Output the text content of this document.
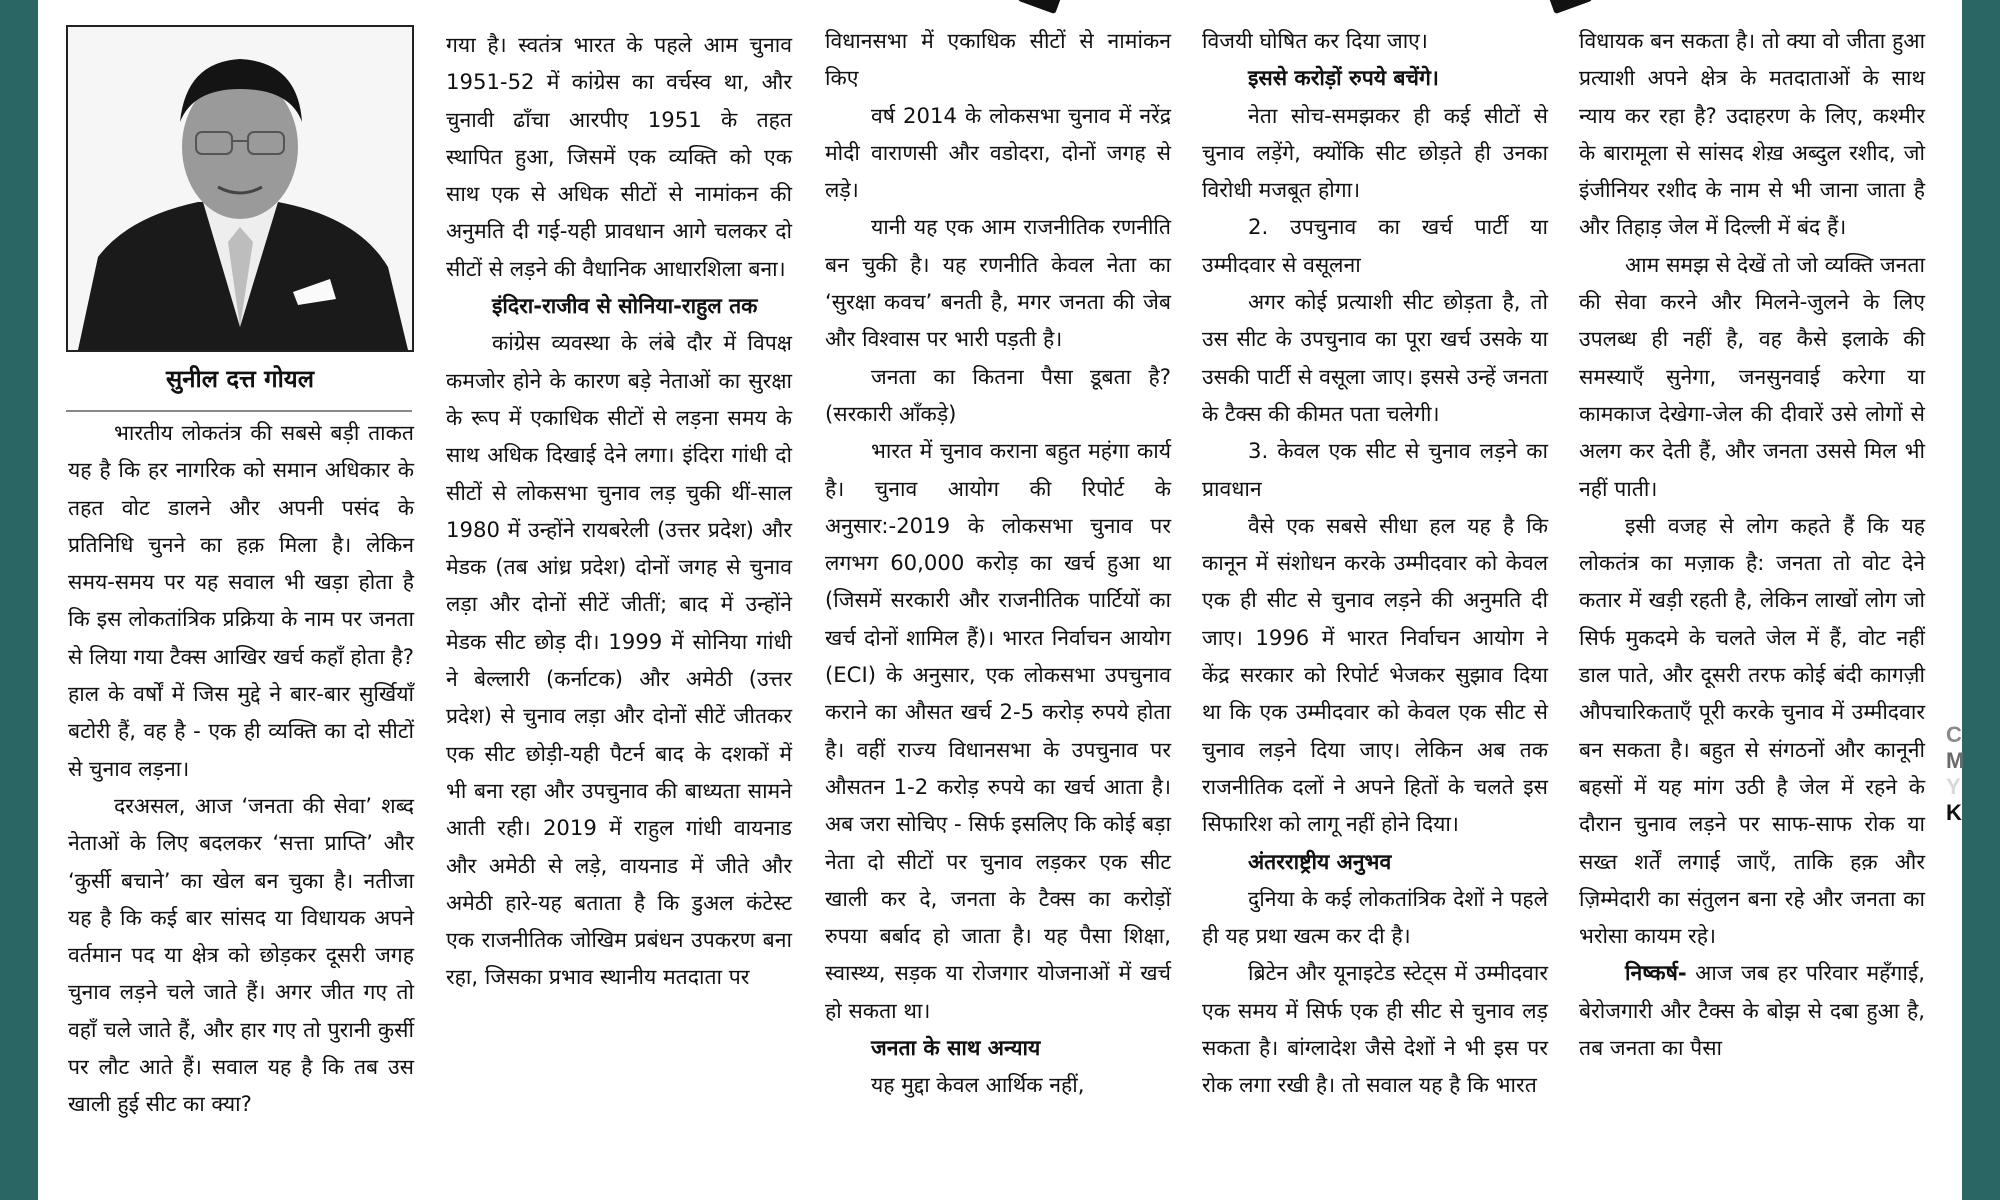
सुनील दत्त गोयल

भारतीय लोकतंत्र की सबसे बड़ी ताकत यह है कि हर नागरिक को समान अधिकार के तहत वोट डालने और अपनी पसंद के प्रतिनिधि चुनने का हक़ मिला है। लेकिन समय-समय पर यह सवाल भी खड़ा होता है कि इस लोकतांत्रिक प्रक्रिया के नाम पर जनता से लिया गया टैक्स आखिर खर्च कहाँ होता है? हाल के वर्षों में जिस मुद्दे ने बार-बार सुर्खियाँ बटोरी हैं, वह है - एक ही व्यक्ति का दो सीटों से चुनाव लड़ना।

दरअसल, आज ‘जनता की सेवा’ शब्द नेताओं के लिए बदलकर ‘सत्ता प्राप्ति’ और ‘कुर्सी बचाने’ का खेल बन चुका है। नतीजा यह है कि कई बार सांसद या विधायक अपने वर्तमान पद या क्षेत्र को छोड़कर दूसरी जगह चुनाव लड़ने चले जाते हैं। अगर जीत गए तो वहाँ चले जाते हैं, और हार गए तो पुरानी कुर्सी पर लौट आते हैं। सवाल यह है कि तब उस खाली हुई सीट का क्या?

गया है। स्वतंत्र भारत के पहले आम चुनाव 1951-52 में कांग्रेस का वर्चस्व था, और चुनावी ढाँचा आरपीए 1951 के तहत स्थापित हुआ, जिसमें एक व्यक्ति को एक साथ एक से अधिक सीटों से नामांकन की अनुमति दी गई-यही प्रावधान आगे चलकर दो सीटों से लड़ने की वैधानिक आधारशिला बना।

इंदिरा-राजीव से सोनिया-राहुल तक

कांग्रेस व्यवस्था के लंबे दौर में विपक्ष कमजोर होने के कारण बड़े नेताओं का सुरक्षा के रूप में एकाधिक सीटों से लड़ना समय के साथ अधिक दिखाई देने लगा। इंदिरा गांधी दो सीटों से लोकसभा चुनाव लड़ चुकी थीं-साल 1980 में उन्होंने रायबरेली (उत्तर प्रदेश) और मेडक (तब आंध्र प्रदेश) दोनों जगह से चुनाव लड़ा और दोनों सीटें जीतीं; बाद में उन्होंने मेडक सीट छोड़ दी। 1999 में सोनिया गांधी ने बेल्लारी (कर्नाटक) और अमेठी (उत्तर प्रदेश) से चुनाव लड़ा और दोनों सीटें जीतकर एक सीट छोड़ी-यही पैटर्न बाद के दशकों में भी बना रहा और उपचुनाव की बाध्यता सामने आती रही। 2019 में राहुल गांधी वायनाड और अमेठी से लड़े, वायनाड में जीते और अमेठी हारे-यह बताता है कि डुअल कंटेस्ट एक राजनीतिक जोखिम प्रबंधन उपकरण बना रहा, जिसका प्रभाव स्थानीय मतदाता पर

विधानसभा में एकाधिक सीटों से नामांकन किए

वर्ष 2014 के लोकसभा चुनाव में नरेंद्र मोदी वाराणसी और वडोदरा, दोनों जगह से लड़े।

यानी यह एक आम राजनीतिक रणनीति बन चुकी है। यह रणनीति केवल नेता का ‘सुरक्षा कवच’ बनती है, मगर जनता की जेब और विश्वास पर भारी पड़ती है।

जनता का कितना पैसा डूबता है? (सरकारी आँकड़े)

भारत में चुनाव कराना बहुत महंगा कार्य है। चुनाव आयोग की रिपोर्ट के अनुसार:-2019 के लोकसभा चुनाव पर लगभग 60,000 करोड़ का खर्च हुआ था (जिसमें सरकारी और राजनीतिक पार्टियों का खर्च दोनों शामिल हैं)। भारत निर्वाचन आयोग (ECI) के अनुसार, एक लोकसभा उपचुनाव कराने का औसत खर्च 2-5 करोड़ रुपये होता है। वहीं राज्य विधानसभा के उपचुनाव पर औसतन 1-2 करोड़ रुपये का खर्च आता है। अब जरा सोचिए - सिर्फ इसलिए कि कोई बड़ा नेता दो सीटों पर चुनाव लड़कर एक सीट खाली कर दे, जनता के टैक्स का करोड़ों रुपया बर्बाद हो जाता है। यह पैसा शिक्षा, स्वास्थ्य, सड़क या रोजगार योजनाओं में खर्च हो सकता था।

जनता के साथ अन्याय

यह मुद्दा केवल आर्थिक नहीं,

विजयी घोषित कर दिया जाए।

इससे करोड़ों रुपये बचेंगे।

नेता सोच-समझकर ही कई सीटों से चुनाव लड़ेंगे, क्योंकि सीट छोड़ते ही उनका विरोधी मजबूत होगा।

2. उपचुनाव का खर्च पार्टी या उम्मीदवार से वसूलना

अगर कोई प्रत्याशी सीट छोड़ता है, तो उस सीट के उपचुनाव का पूरा खर्च उसके या उसकी पार्टी से वसूला जाए। इससे उन्हें जनता के टैक्स की कीमत पता चलेगी।

3. केवल एक सीट से चुनाव लड़ने का प्रावधान

वैसे एक सबसे सीधा हल यह है कि कानून में संशोधन करके उम्मीदवार को केवल एक ही सीट से चुनाव लड़ने की अनुमति दी जाए। 1996 में भारत निर्वाचन आयोग ने केंद्र सरकार को रिपोर्ट भेजकर सुझाव दिया था कि एक उम्मीदवार को केवल एक सीट से चुनाव लड़ने दिया जाए। लेकिन अब तक राजनीतिक दलों ने अपने हितों के चलते इस सिफारिश को लागू नहीं होने दिया।

अंतरराष्ट्रीय अनुभव

दुनिया के कई लोकतांत्रिक देशों ने पहले ही यह प्रथा खत्म कर दी है।

ब्रिटेन और यूनाइटेड स्टेट्स में उम्मीदवार एक समय में सिर्फ एक ही सीट से चुनाव लड़ सकता है। बांग्लादेश जैसे देशों ने भी इस पर रोक लगा रखी है। तो सवाल यह है कि भारत

विधायक बन सकता है। तो क्या वो जीता हुआ प्रत्याशी अपने क्षेत्र के मतदाताओं के साथ न्याय कर रहा है? उदाहरण के लिए, कश्मीर के बारामूला से सांसद शेख़ अब्दुल रशीद, जो इंजीनियर रशीद के नाम से भी जाना जाता है और तिहाड़ जेल में दिल्ली में बंद हैं।

आम समझ से देखें तो जो व्यक्ति जनता की सेवा करने और मिलने-जुलने के लिए उपलब्ध ही नहीं है, वह कैसे इलाके की समस्याएँ सुनेगा, जनसुनवाई करेगा या कामकाज देखेगा-जेल की दीवारें उसे लोगों से अलग कर देती हैं, और जनता उससे मिल भी नहीं पाती।

इसी वजह से लोग कहते हैं कि यह लोकतंत्र का मज़ाक है: जनता तो वोट देने कतार में खड़ी रहती है, लेकिन लाखों लोग जो सिर्फ मुकदमे के चलते जेल में हैं, वोट नहीं डाल पाते, और दूसरी तरफ कोई बंदी कागज़ी औपचारिकताएँ पूरी करके चुनाव में उम्मीदवार बन सकता है। बहुत से संगठनों और कानूनी बहसों में यह मांग उठी है जेल में रहने के दौरान चुनाव लड़ने पर साफ-साफ रोक या सख्त शर्तें लगाई जाएँ, ताकि हक़ और ज़िम्मेदारी का संतुलन बना रहे और जनता का भरोसा कायम रहे।

निष्कर्ष- आज जब हर परिवार महँगाई, बेरोजगारी और टैक्स के बोझ से दबा हुआ है, तब जनता का पैसा

C
M
Y
K
